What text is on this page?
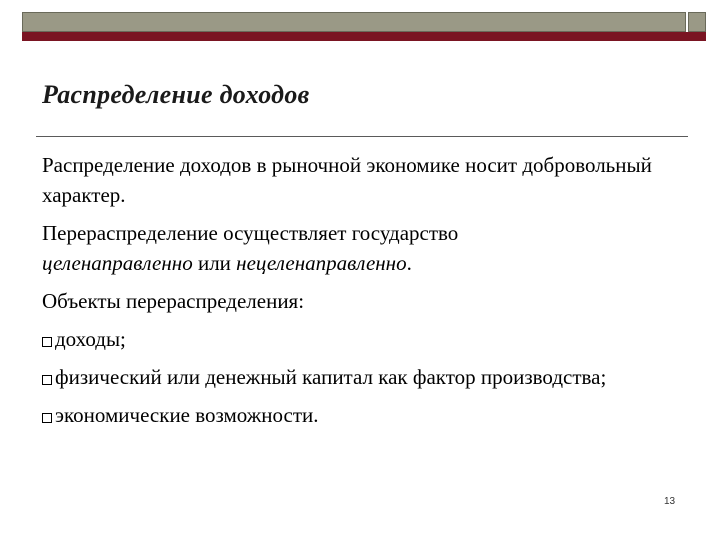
Распределение доходов

Распределение доходов в рыночной экономике носит добровольный характер.

Перераспределение осуществляет государство
целенаправленно или нецеленаправленно.

Объекты перераспределения:

доходы;

физический или денежный капитал как фактор производства;

экономические возможности.

13
